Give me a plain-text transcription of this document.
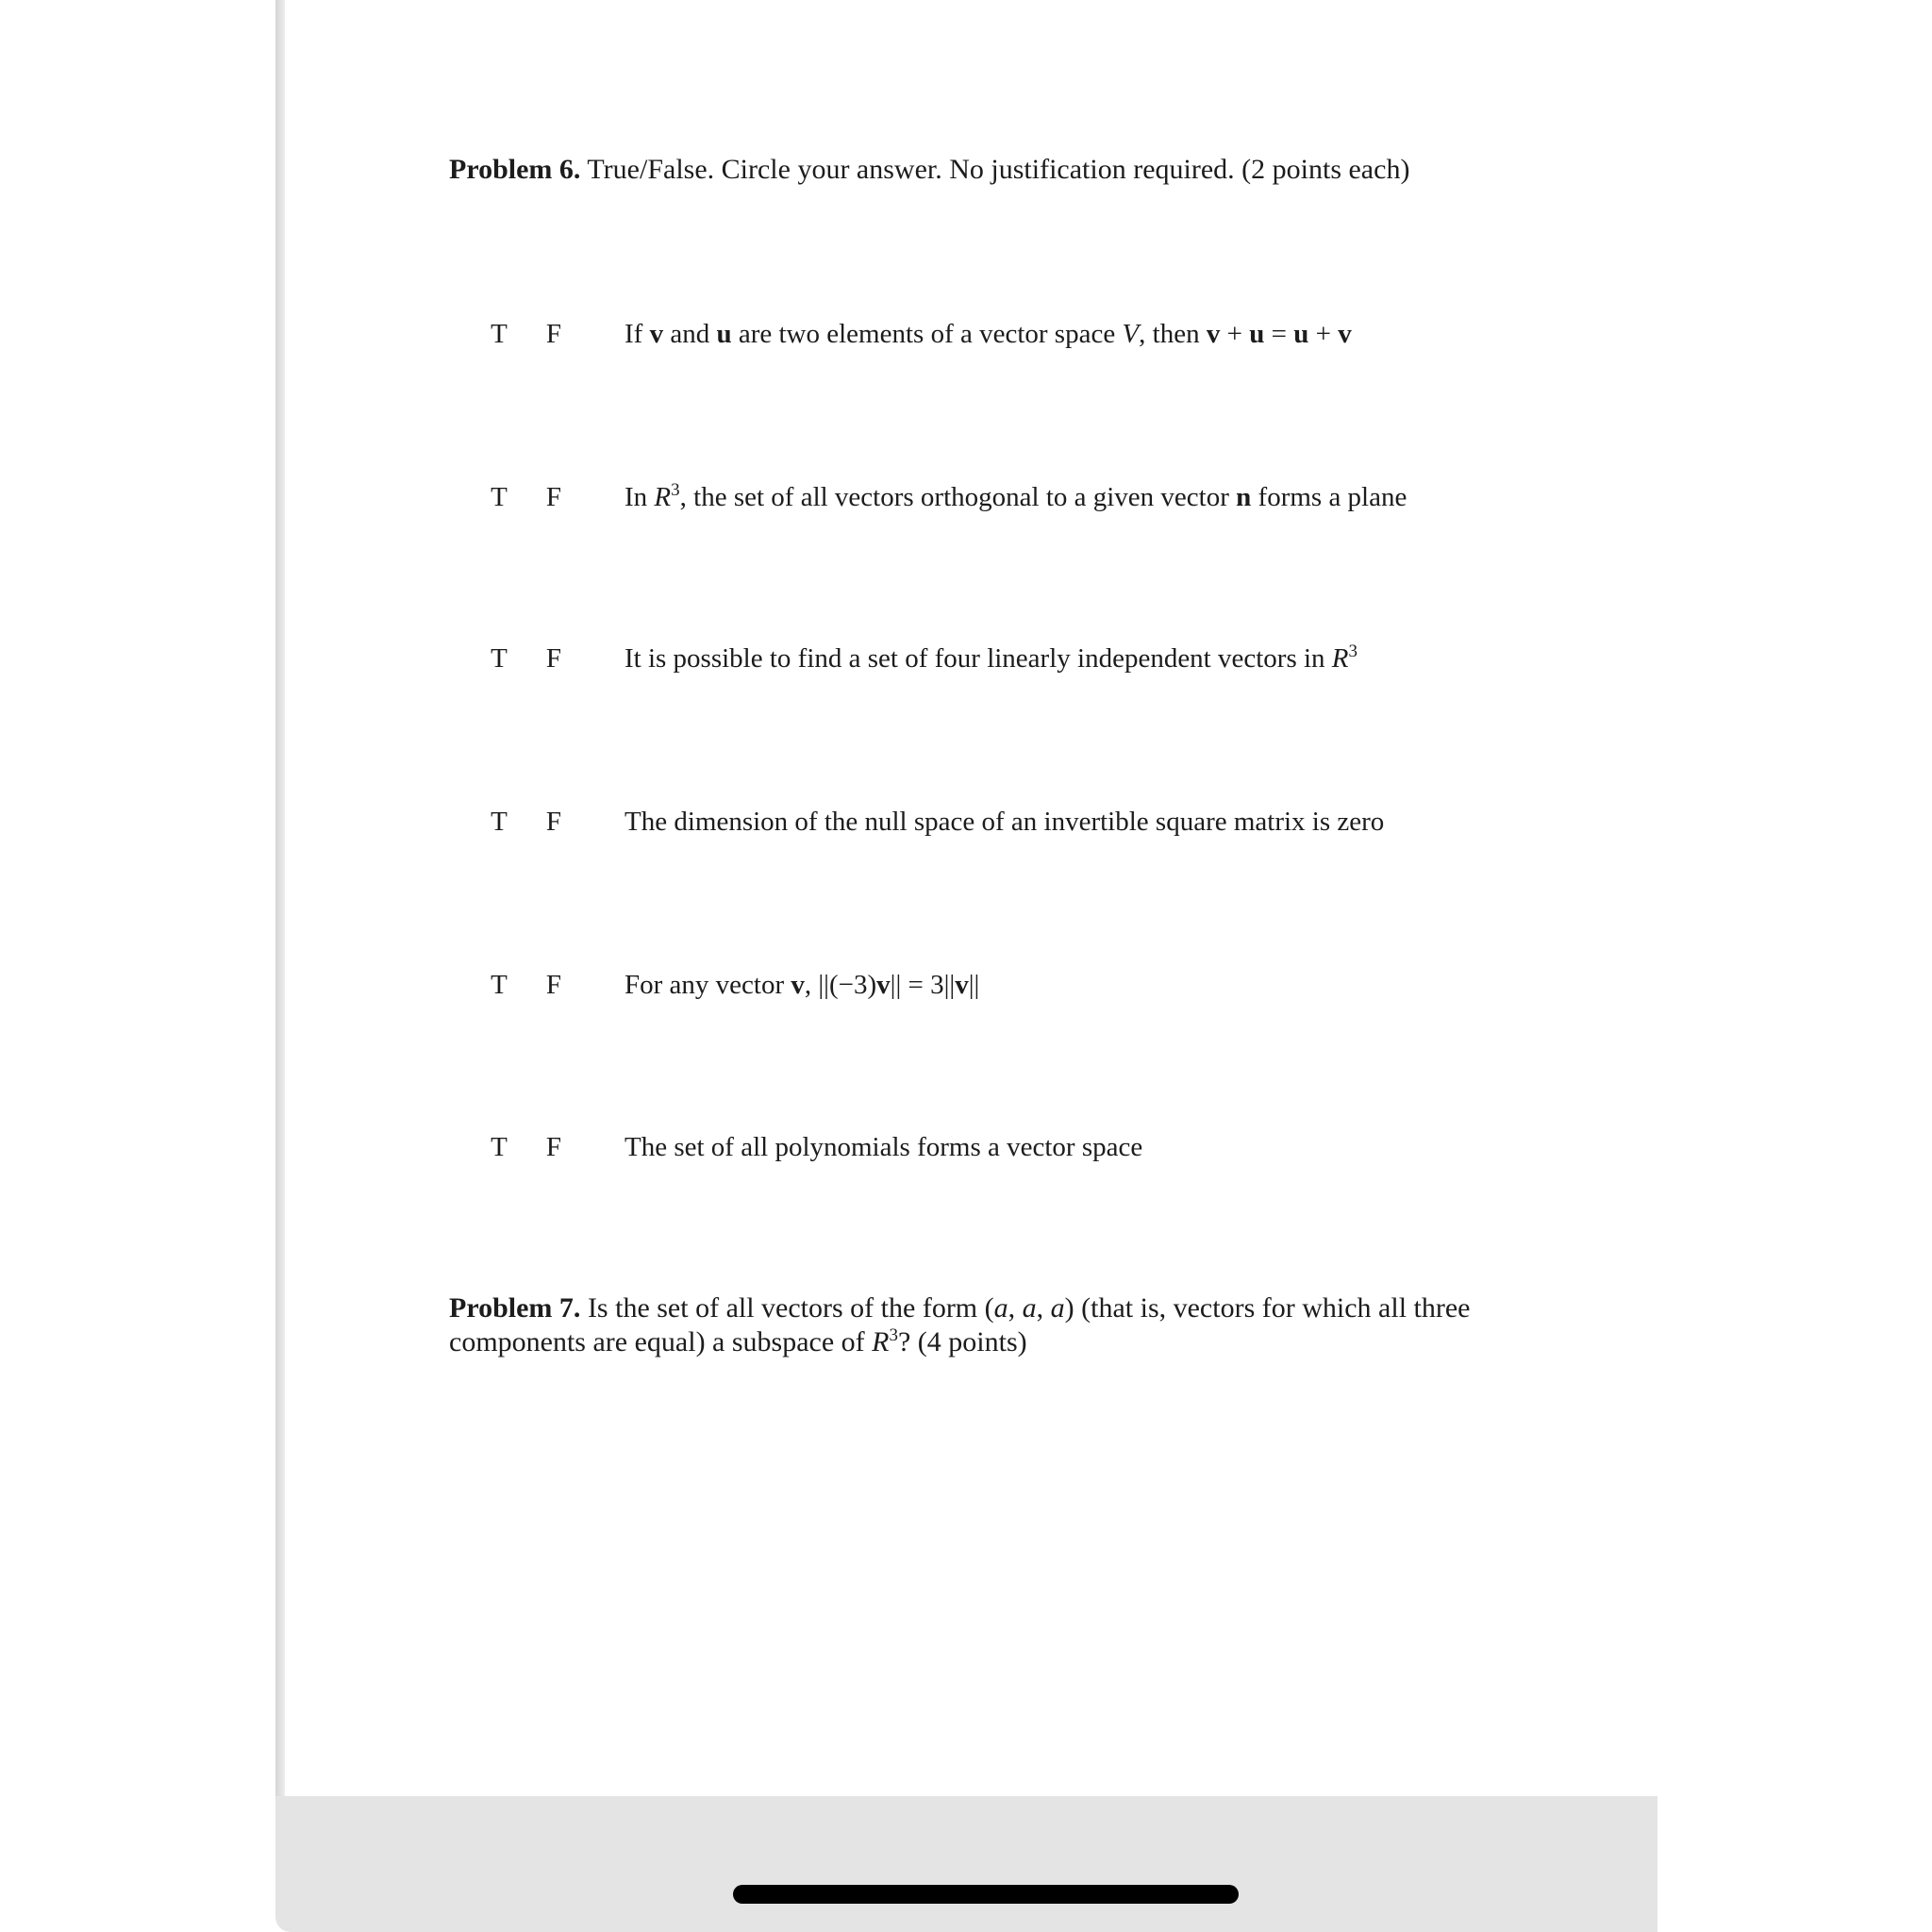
Problem 6. True/False. Circle your answer. No justification required. (2 points each)
T F If v and u are two elements of a vector space V, then v + u = u + v
T F In $R^3$, the set of all vectors orthogonal to a given vector n forms a plane
T F It is possible to find a set of four linearly independent vectors in $R^3$
T F The dimension of the null space of an invertible square matrix is zero
T F For any vector v, ||(−3)v|| = 3||v||
T F The set of all polynomials forms a vector space
Problem 7. Is the set of all vectors of the form (a, a, a) (that is, vectors for which all three components are equal) a subspace of $R^3$? (4 points)
